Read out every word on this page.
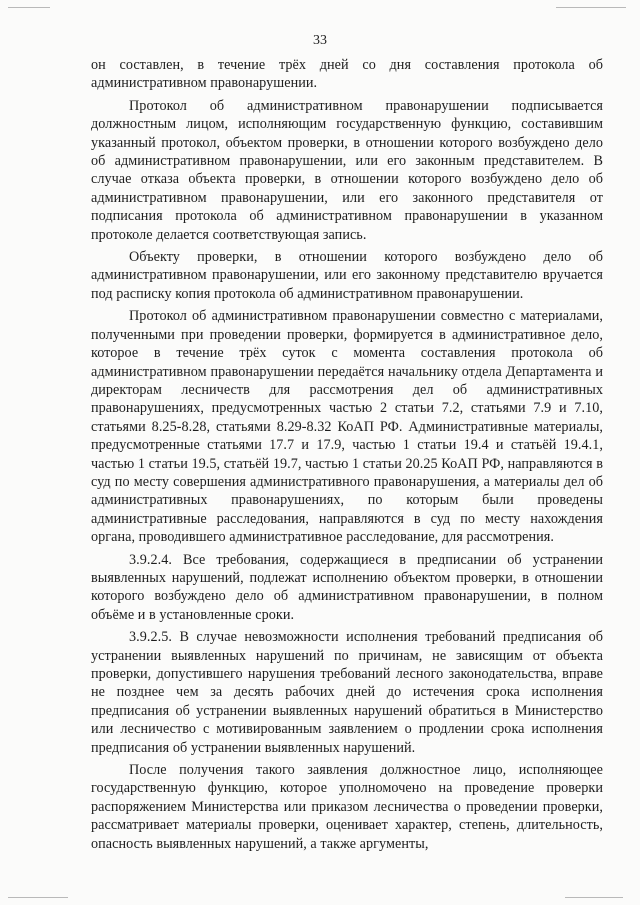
33

он составлен, в течение трёх дней со дня составления протокола об административном правонарушении.

Протокол об административном правонарушении подписывается должностным лицом, исполняющим государственную функцию, составившим указанный протокол, объектом проверки, в отношении которого возбуждено дело об административном правонарушении, или его законным представителем. В случае отказа объекта проверки, в отношении которого возбуждено дело об административном правонарушении, или его законного представителя от подписания протокола об административном правонарушении в указанном протоколе делается соответствующая запись.

Объекту проверки, в отношении которого возбуждено дело об административном правонарушении, или его законному представителю вручается под расписку копия протокола об административном правонарушении.

Протокол об административном правонарушении совместно с материалами, полученными при проведении проверки, формируется в административное дело, которое в течение трёх суток с момента составления протокола об административном правонарушении передаётся начальнику отдела Департамента и директорам лесничеств для рассмотрения дел об административных правонарушениях, предусмотренных частью 2 статьи 7.2, статьями 7.9 и 7.10, статьями 8.25-8.28, статьями 8.29-8.32 КоАП РФ. Административные материалы, предусмотренные статьями 17.7 и 17.9, частью 1 статьи 19.4 и статьёй 19.4.1, частью 1 статьи 19.5, статьёй 19.7, частью 1 статьи 20.25 КоАП РФ, направляются в суд по месту совершения административного правонарушения, а материалы дел об административных правонарушениях, по которым были проведены административные расследования, направляются в суд по месту нахождения органа, проводившего административное расследование, для рассмотрения.

3.9.2.4. Все требования, содержащиеся в предписании об устранении выявленных нарушений, подлежат исполнению объектом проверки, в отношении которого возбуждено дело об административном правонарушении, в полном объёме и в установленные сроки.

3.9.2.5. В случае невозможности исполнения требований предписания об устранении выявленных нарушений по причинам, не зависящим от объекта проверки, допустившего нарушения требований лесного законодательства, вправе не позднее чем за десять рабочих дней до истечения срока исполнения предписания об устранении выявленных нарушений обратиться в Министерство или лесничество с мотивированным заявлением о продлении срока исполнения предписания об устранении выявленных нарушений.

После получения такого заявления должностное лицо, исполняющее государственную функцию, которое уполномочено на проведение проверки распоряжением Министерства или приказом лесничества о проведении проверки, рассматривает материалы проверки, оценивает характер, степень, длительность, опасность выявленных нарушений, а также аргументы,
